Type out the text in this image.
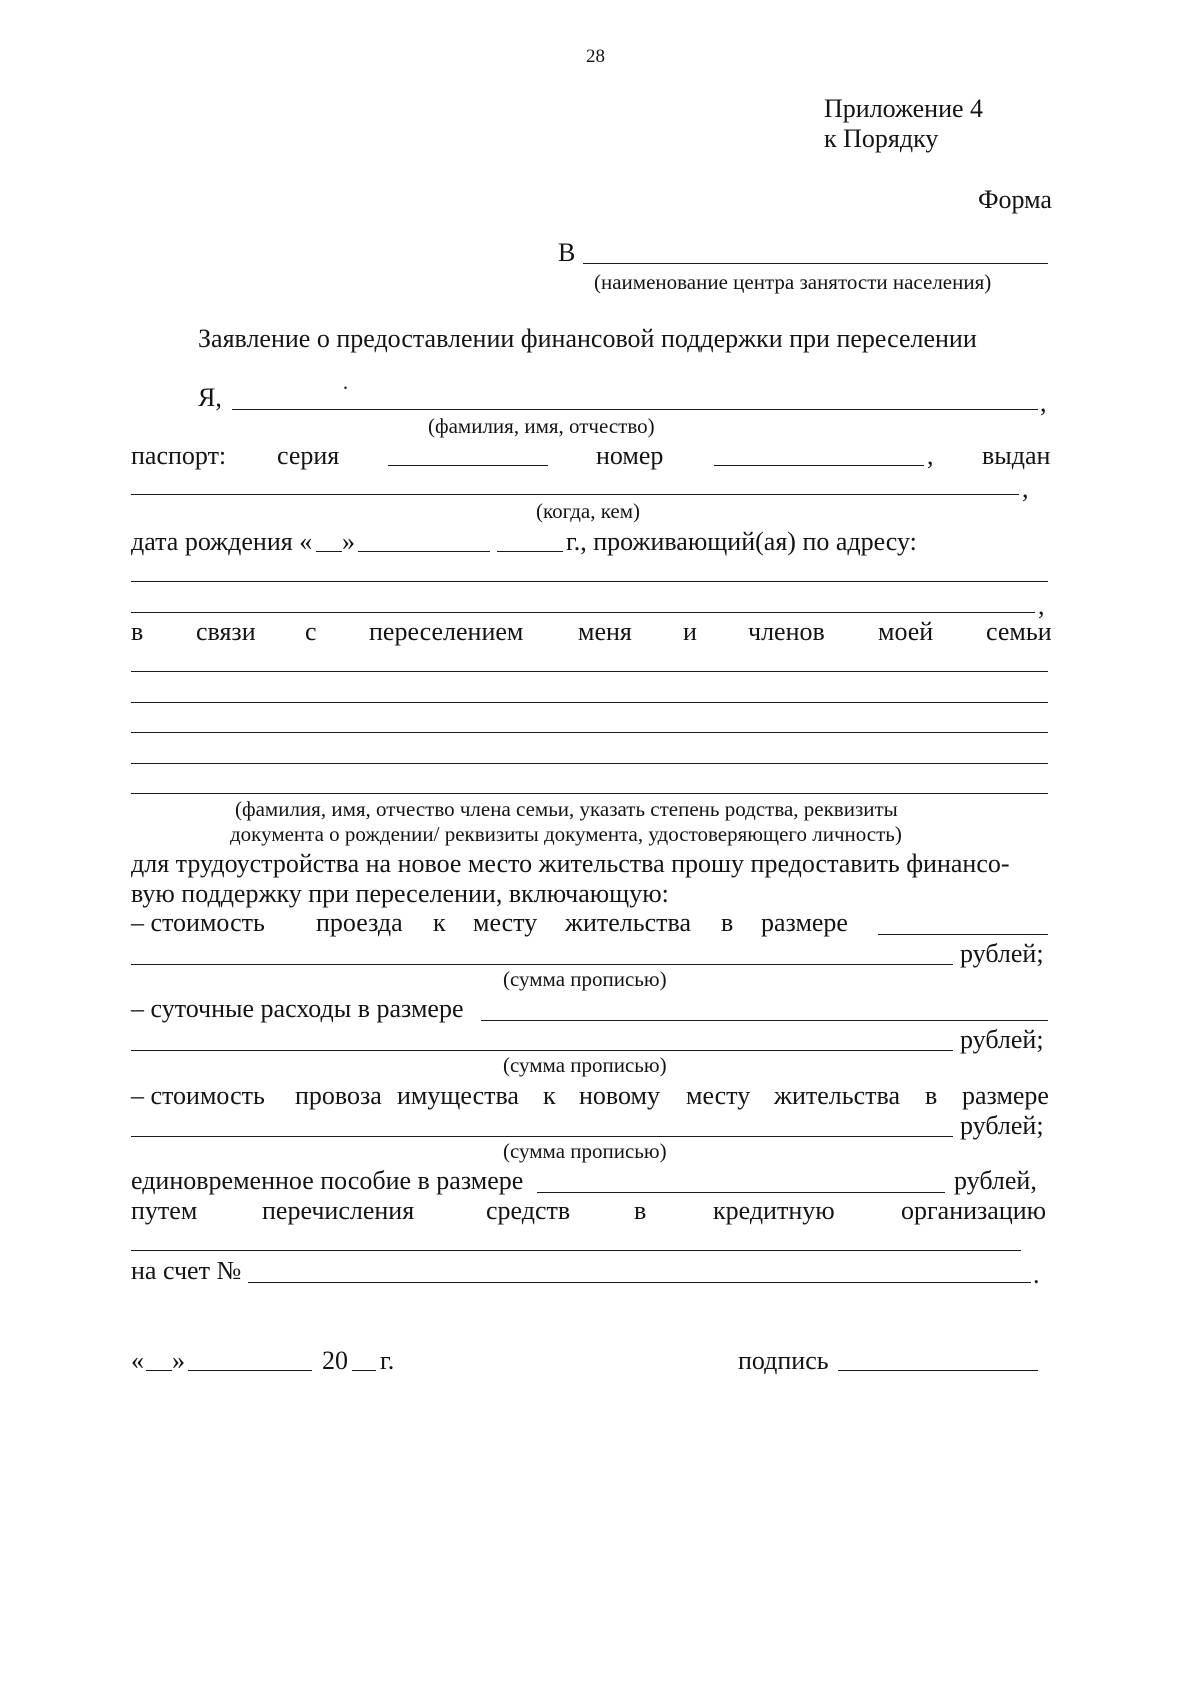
28
Приложение 4
к Порядку
Форма
В
(наименование центра занятости населения)
Заявление о предоставлении финансовой поддержки при переселении
Я,	·	,
(фамилия, имя, отчество)
паспорт: серия	номер	, выдан
,
(когда, кем)
дата рождения « »	г., проживающий(ая) по адресу:
,
в связи с переселением меня и членов моей семьи
(фамилия, имя, отчество члена семьи, указать степень родства, реквизиты
документа о рождении/ реквизиты документа, удостоверяющего личность)
для трудоустройства на новое место жительства прошу предоставить финансо-
вую поддержку при переселении, включающую:
– стоимость проезда к месту жительства в размере
рублей;
(сумма прописью)
– суточные расходы в размере
рублей;
(сумма прописью)
– стоимость провоза имущества к новому месту жительства в размере
рублей;
(сумма прописью)
единовременное пособие в размере	рублей,
путем перечисления	средств в	кредитную	организацию
на счет №	.
« »	20 г.	подпись
